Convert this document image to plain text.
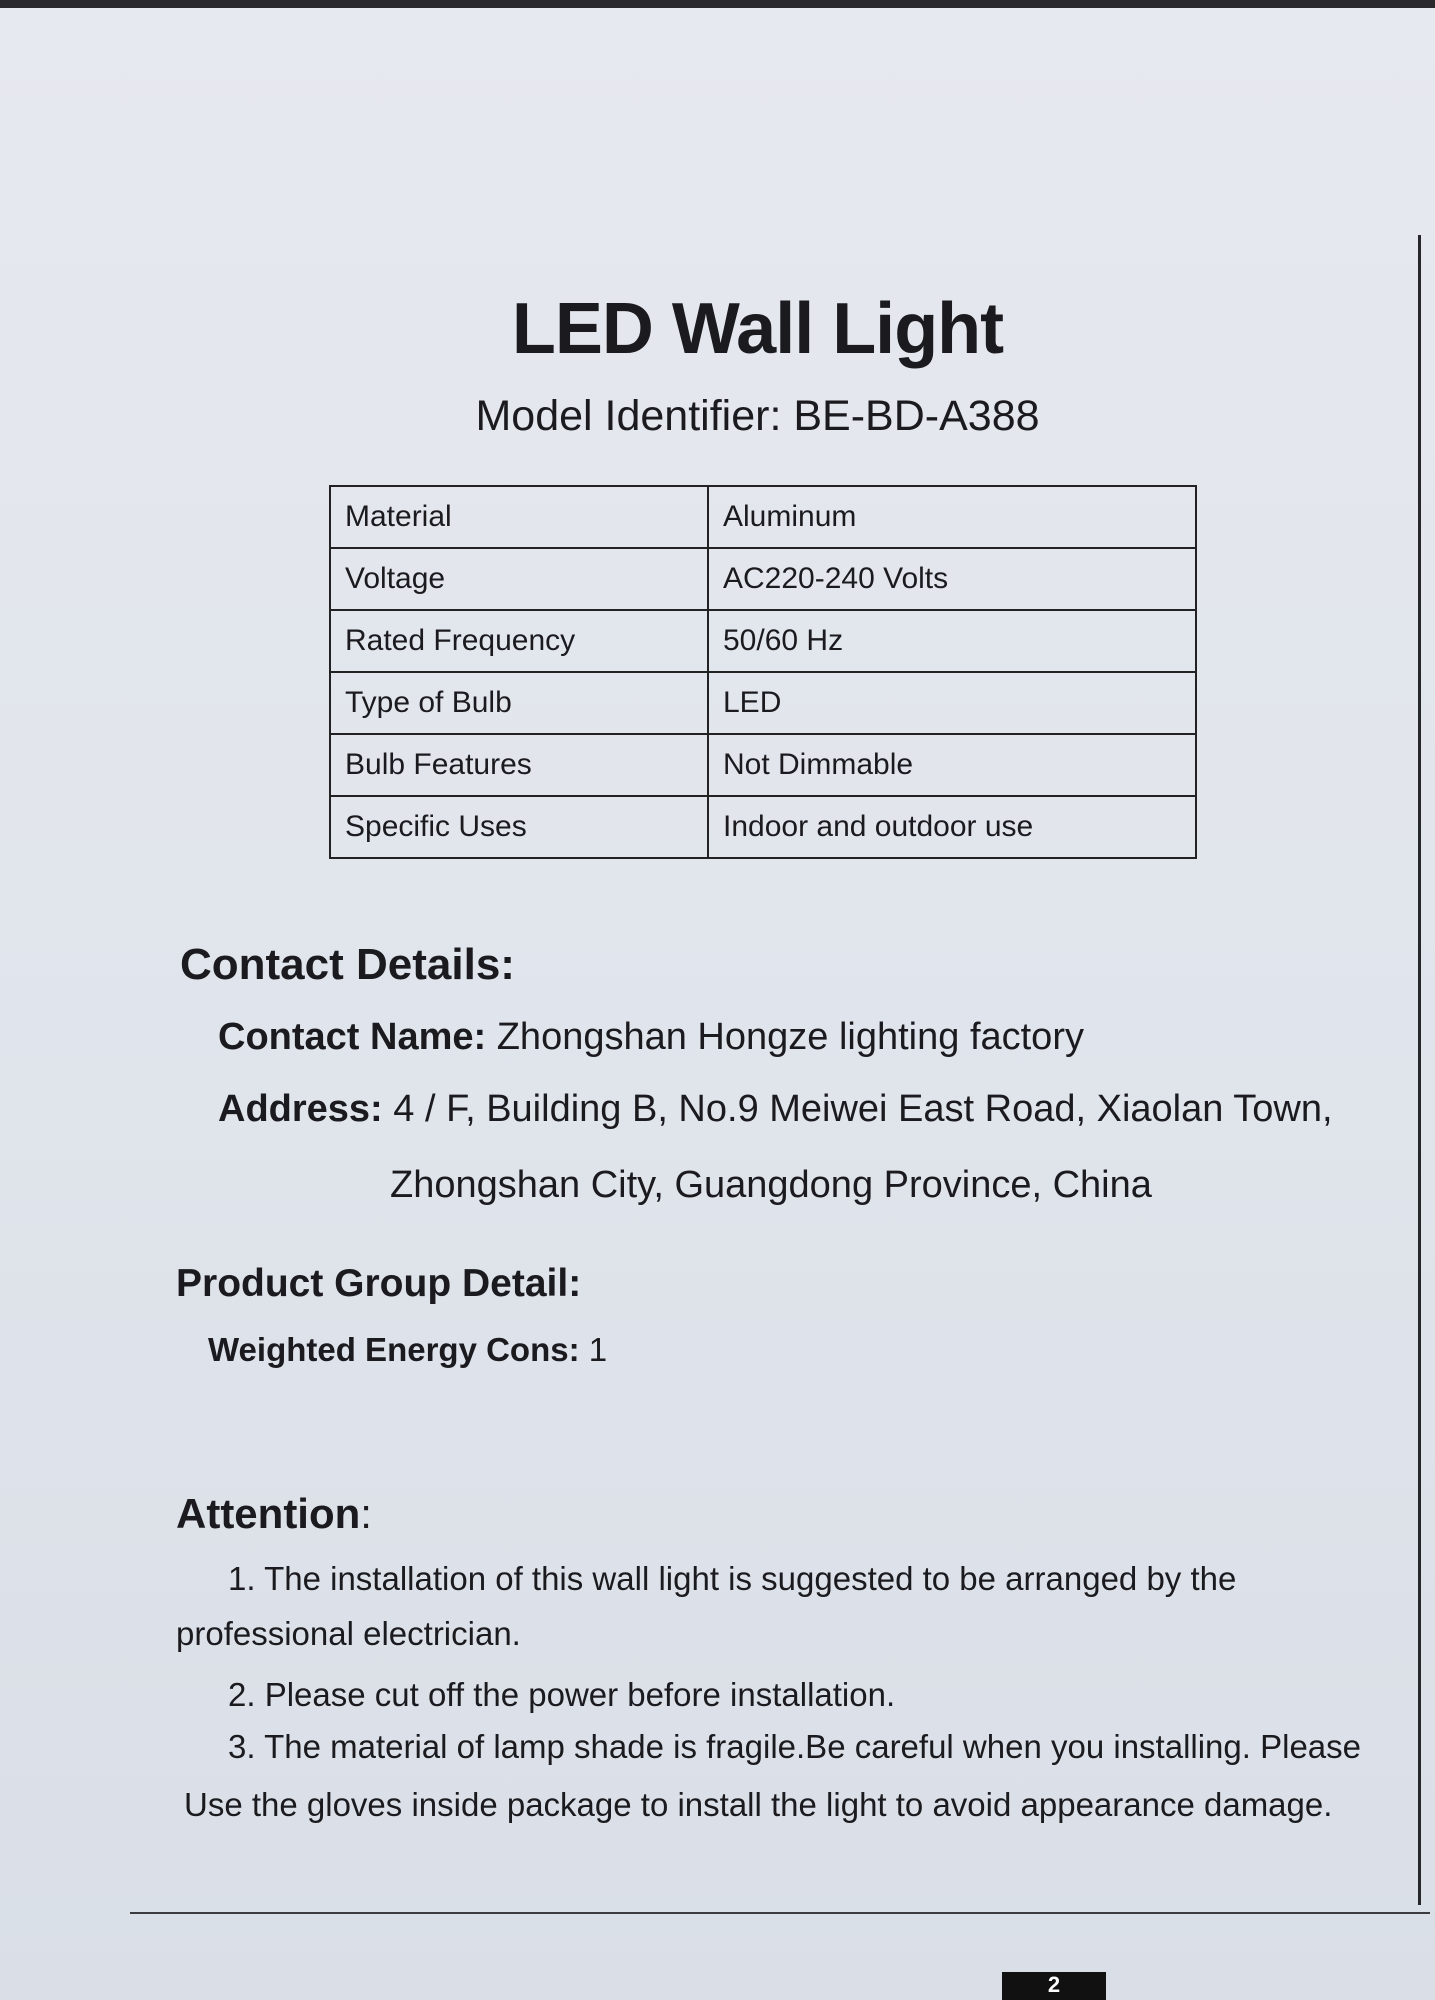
LED Wall Light
Model Identifier: BE-BD-A388
Material	Aluminum
Voltage	AC220-240 Volts
Rated Frequency	50/60 Hz
Type of Bulb	LED
Bulb Features	Not Dimmable
Specific Uses	Indoor and outdoor use
Contact Details:
Contact Name: Zhongshan Hongze lighting factory
Address: 4 / F, Building B, No.9 Meiwei East Road, Xiaolan Town,
Zhongshan City, Guangdong Province, China
Product Group Detail:
Weighted Energy Cons: 1
Attention:
1. The installation of this wall light is suggested to be arranged by the
professional electrician.
2. Please cut off the power before installation.
3. The material of lamp shade is fragile.Be careful when you installing. Please
Use the gloves inside package to install the light to avoid appearance damage.
2
